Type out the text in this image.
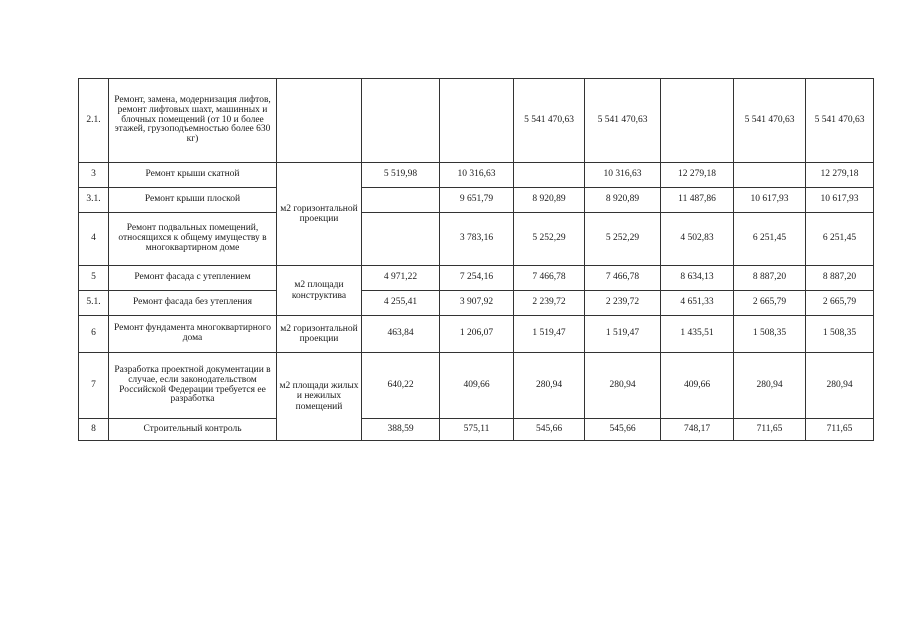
2.1.	Ремонт, замена, модернизация лифтов, ремонт лифтовых шахт, машинных и блочных помещений (от 10 и более этажей, грузоподъемностью более 630 кг)				5 541 470,63	5 541 470,63		5 541 470,63	5 541 470,63
3	Ремонт крыши скатной	м2 горизонтальной проекции	5 519,98	10 316,63		10 316,63	12 279,18		12 279,18
3.1.	Ремонт крыши плоской			9 651,79	8 920,89	8 920,89	11 487,86	10 617,93	10 617,93
4	Ремонт подвальных помещений, относящихся к общему имуществу в многоквартирном доме			3 783,16	5 252,29	5 252,29	4 502,83	6 251,45	6 251,45
5	Ремонт фасада с утеплением	м2 площади конструктива	4 971,22	7 254,16	7 466,78	7 466,78	8 634,13	8 887,20	8 887,20
5.1.	Ремонт фасада без утепления		4 255,41	3 907,92	2 239,72	2 239,72	4 651,33	2 665,79	2 665,79
6	Ремонт фундамента многоквартирного дома	м2 горизонтальной проекции	463,84	1 206,07	1 519,47	1 519,47	1 435,51	1 508,35	1 508,35
7	Разработка проектной документации в случае, если законодательством Российской Федерации требуется ее разработка	м2 площади жилых и нежилых помещений	640,22	409,66	280,94	280,94	409,66	280,94	280,94
8	Строительный контроль		388,59	575,11	545,66	545,66	748,17	711,65	711,65
